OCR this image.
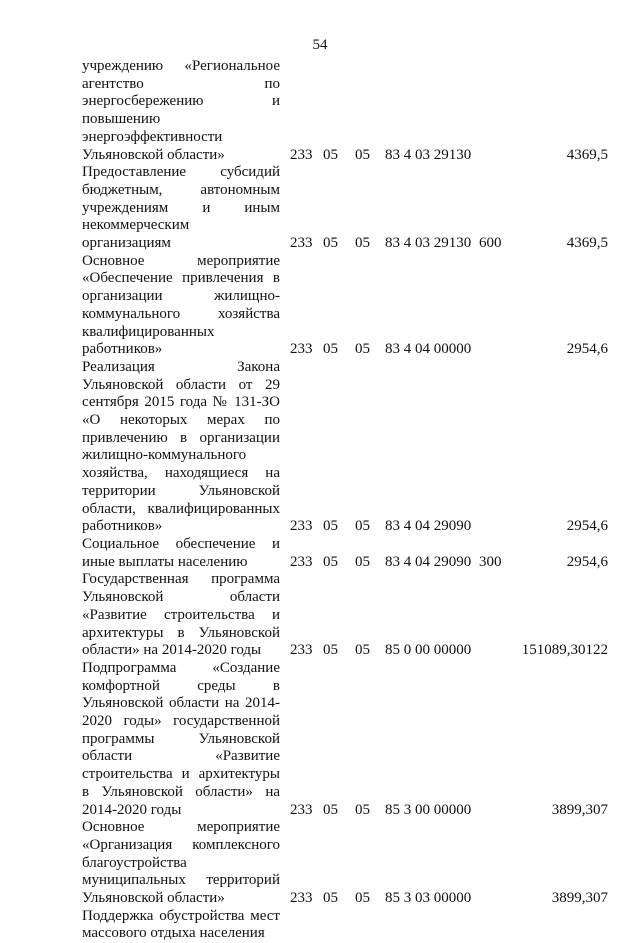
54
учреждению «Региональное агентство по энергосбережению и повышению энергоэффективности Ульяновской области»	233 05 05 83 4 03 29130	4369,5
Предоставление субсидий бюджетным, автономным учреждениям и иным некоммерческим организациям	233 05 05 83 4 03 29130 600	4369,5
Основное мероприятие «Обеспечение привлечения в организации жилищно-коммунального хозяйства квалифицированных работников»	233 05 05 83 4 04 00000	2954,6
Реализация Закона Ульяновской области от 29 сентября 2015 года № 131-ЗО «О некоторых мерах по привлечению в организации жилищно-коммунального хозяйства, находящиеся на территории Ульяновской области, квалифицированных работников»	233 05 05 83 4 04 29090	2954,6
Социальное обеспечение и иные выплаты населению	233 05 05 83 4 04 29090 300	2954,6
Государственная программа Ульяновской области «Развитие строительства и архитектуры в Ульяновской области» на 2014-2020 годы	233 05 05 85 0 00 00000	151089,30122
Подпрограмма «Создание комфортной среды в Ульяновской области на 2014-2020 годы» государственной программы Ульяновской области «Развитие строительства и архитектуры в Ульяновской области» на 2014-2020 годы	233 05 05 85 3 00 00000	3899,307
Основное мероприятие «Организация комплексного благоустройства муниципальных территорий Ульяновской области»	233 05 05 85 3 03 00000	3899,307
Поддержка обустройства мест массового отдыха населения
